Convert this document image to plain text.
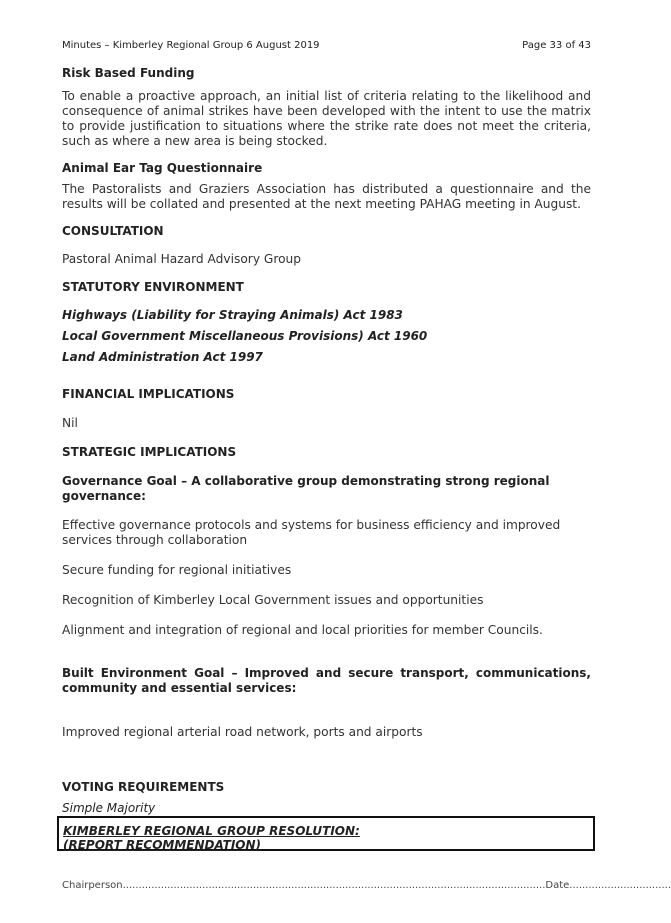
Minutes – Kimberley Regional Group 6 August 2019	Page 33 of 43

Risk Based Funding

To enable a proactive approach, an initial list of criteria relating to the likelihood and consequence of animal strikes have been developed with the intent to use the matrix to provide justification to situations where the strike rate does not meet the criteria, such as where a new area is being stocked.

Animal Ear Tag Questionnaire

The Pastoralists and Graziers Association has distributed a questionnaire and the results will be collated and presented at the next meeting PAHAG meeting in August.

CONSULTATION

Pastoral Animal Hazard Advisory Group

STATUTORY ENVIRONMENT

Highways (Liability for Straying Animals) Act 1983

Local Government Miscellaneous Provisions) Act 1960

Land Administration Act 1997

FINANCIAL IMPLICATIONS

Nil

STRATEGIC IMPLICATIONS

Governance Goal – A collaborative group demonstrating strong regional governance:

Effective governance protocols and systems for business efficiency and improved services through collaboration

Secure funding for regional initiatives

Recognition of Kimberley Local Government issues and opportunities

Alignment and integration of regional and local priorities for member Councils.

Built Environment Goal – Improved and secure transport, communications, community and essential services:

Improved regional arterial road network, ports and airports

VOTING REQUIREMENTS

Simple Majority

KIMBERLEY REGIONAL GROUP RESOLUTION:

(REPORT RECOMMENDATION)

Chairperson.....................................................................................................................................Date................................
